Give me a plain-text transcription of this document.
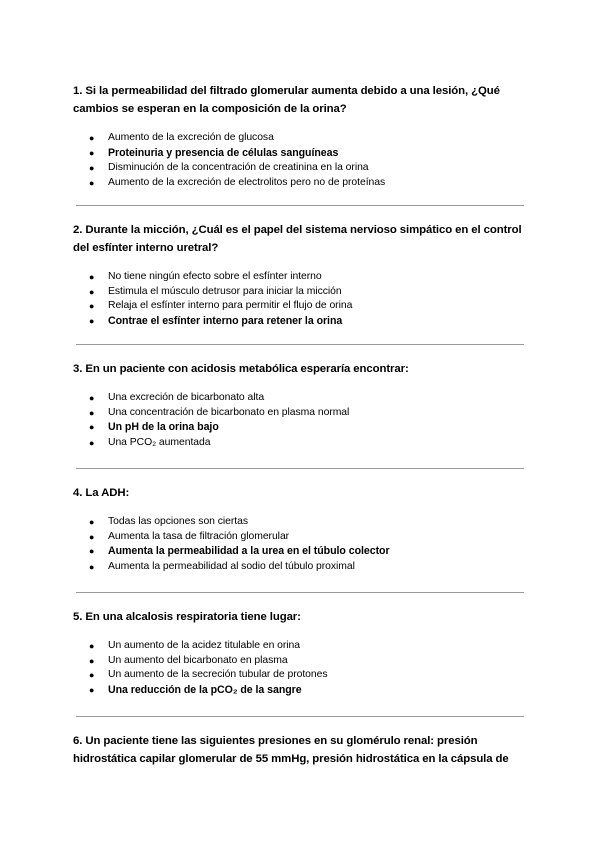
1. Si la permeabilidad del filtrado glomerular aumenta debido a una lesión, ¿Qué cambios se esperan en la composición de la orina?

● Aumento de la excreción de glucosa
● Proteinuria y presencia de células sanguíneas
● Disminución de la concentración de creatinina en la orina
● Aumento de la excreción de electrolitos pero no de proteínas

2. Durante la micción, ¿Cuál es el papel del sistema nervioso simpático en el control del esfínter interno uretral?

● No tiene ningún efecto sobre el esfínter interno
● Estimula el músculo detrusor para iniciar la micción
● Relaja el esfínter interno para permitir el flujo de orina
● Contrae el esfínter interno para retener la orina

3. En un paciente con acidosis metabólica esperaría encontrar:

● Una excreción de bicarbonato alta
● Una concentración de bicarbonato en plasma normal
● Un pH de la orina bajo
● Una PCO₂ aumentada

4. La ADH:

● Todas las opciones son ciertas
● Aumenta la tasa de filtración glomerular
● Aumenta la permeabilidad a la urea en el túbulo colector
● Aumenta la permeabilidad al sodio del túbulo proximal

5. En una alcalosis respiratoria tiene lugar:

● Un aumento de la acidez titulable en orina
● Un aumento del bicarbonato en plasma
● Un aumento de la secreción tubular de protones
● Una reducción de la pCO₂ de la sangre

6. Un paciente tiene las siguientes presiones en su glomérulo renal: presión hidrostática capilar glomerular de 55 mmHg, presión hidrostática en la cápsula de
